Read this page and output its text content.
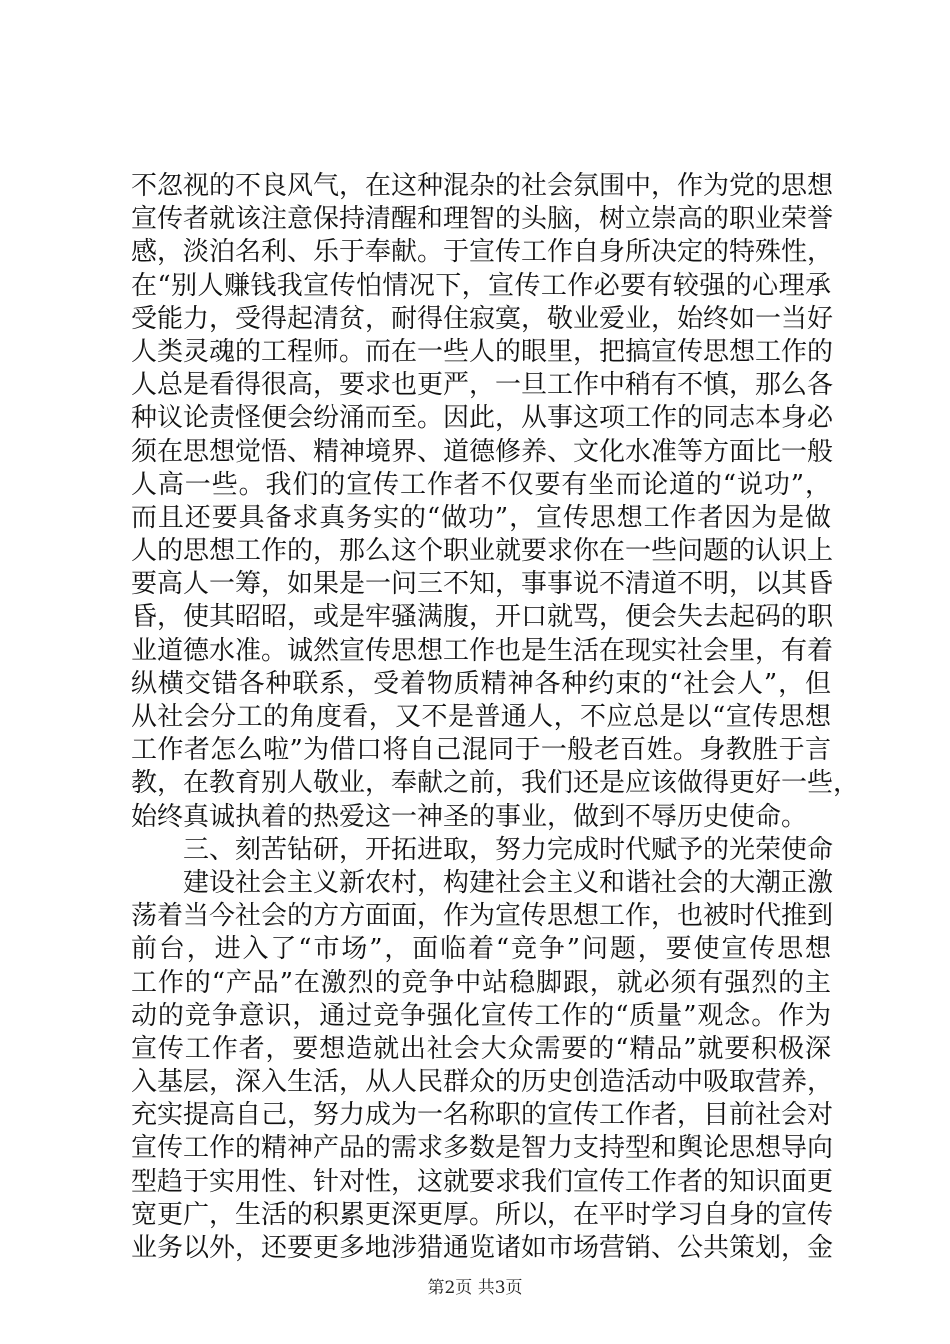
不忽视的不良风气，在这种混杂的社会氛围中，作为党的思想
宣传者就该注意保持清醒和理智的头脑，树立崇高的职业荣誉
感，淡泊名利、乐于奉献。于宣传工作自身所决定的特殊性，
在“别人赚钱我宣传怕情况下，宣传工作必要有较强的心理承
受能力，受得起清贫，耐得住寂寞，敬业爱业，始终如一当好
人类灵魂的工程师。而在一些人的眼里，把搞宣传思想工作的
人总是看得很高，要求也更严，一旦工作中稍有不慎，那么各
种议论责怪便会纷涌而至。因此，从事这项工作的同志本身必
须在思想觉悟、精神境界、道德修养、文化水准等方面比一般
人高一些。我们的宣传工作者不仅要有坐而论道的“说功”，
而且还要具备求真务实的“做功”，宣传思想工作者因为是做
人的思想工作的，那么这个职业就要求你在一些问题的认识上
要高人一筹，如果是一问三不知，事事说不清道不明，以其昏
昏，使其昭昭，或是牢骚满腹，开口就骂，便会失去起码的职
业道德水准。诚然宣传思想工作也是生活在现实社会里，有着
纵横交错各种联系，受着物质精神各种约束的“社会人”，但
从社会分工的角度看，又不是普通人，不应总是以“宣传思想
工作者怎么啦”为借口将自己混同于一般老百姓。身教胜于言
教，在教育别人敬业，奉献之前，我们还是应该做得更好一些，
始终真诚执着的热爱这一神圣的事业，做到不辱历史使命。
三、刻苦钻研，开拓进取，努力完成时代赋予的光荣使命
建设社会主义新农村，构建社会主义和谐社会的大潮正激
荡着当今社会的方方面面，作为宣传思想工作，也被时代推到
前台，进入了“市场”，面临着“竞争”问题，要使宣传思想
工作的“产品”在激烈的竞争中站稳脚跟，就必须有强烈的主
动的竞争意识，通过竞争强化宣传工作的“质量”观念。作为
宣传工作者，要想造就出社会大众需要的“精品”就要积极深
入基层，深入生活，从人民群众的历史创造活动中吸取营养，
充实提高自己，努力成为一名称职的宣传工作者，目前社会对
宣传工作的精神产品的需求多数是智力支持型和舆论思想导向
型趋于实用性、针对性，这就要求我们宣传工作者的知识面更
宽更广，生活的积累更深更厚。所以，在平时学习自身的宣传
业务以外，还要更多地涉猎通览诸如市场营销、公共策划，金
第2页 共3页
